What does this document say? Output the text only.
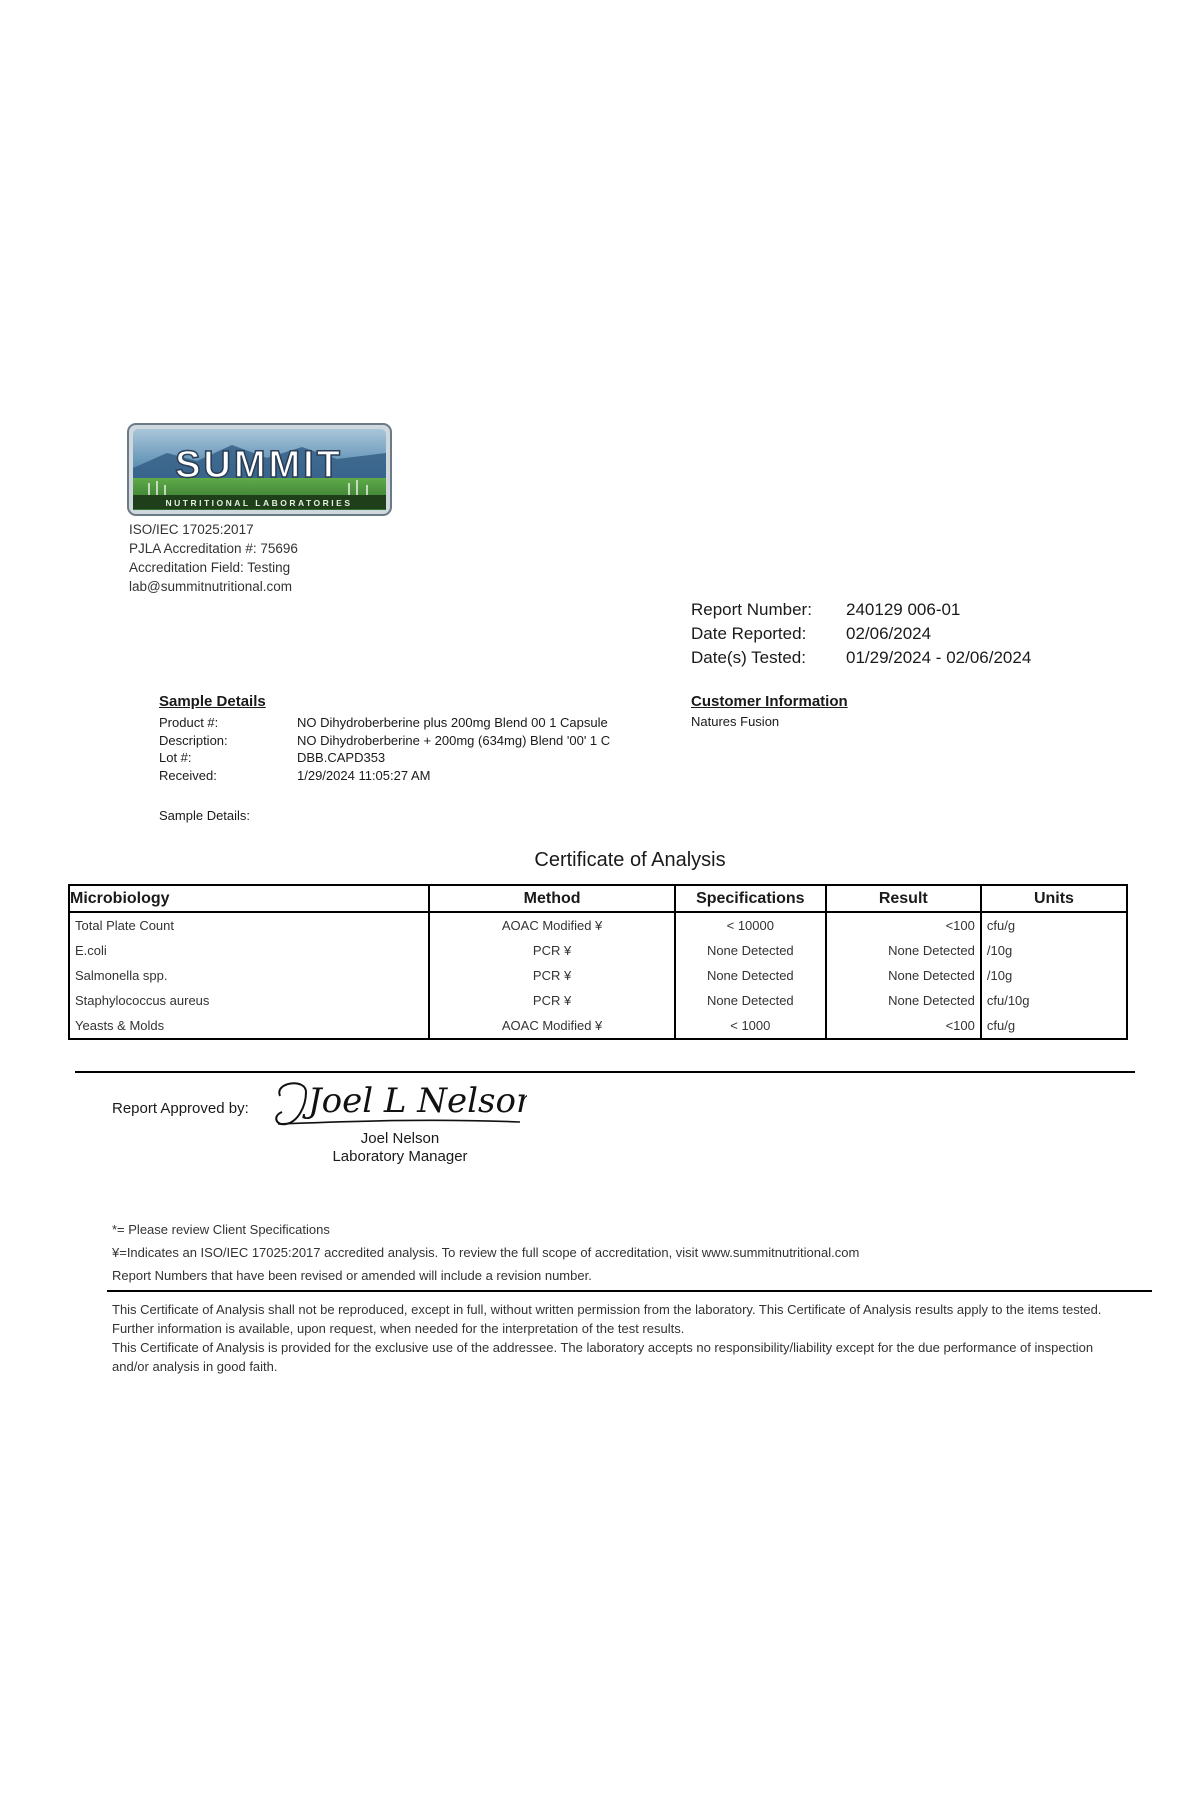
SUMMIT
NUTRITIONAL LABORATORIES
ISO/IEC 17025:2017
PJLA Accreditation #: 75696
Accreditation Field: Testing
lab@summitnutritional.com
Report Number:	240129 006-01
Date Reported:	02/06/2024
Date(s) Tested:	01/29/2024 - 02/06/2024
Sample Details
Product #:	NO Dihydroberberine plus 200mg Blend 00 1 Capsule
Description:	NO Dihydroberberine + 200mg (634mg) Blend '00' 1 C
Lot #:	DBB.CAPD353
Received:	1/29/2024 11:05:27 AM
Customer Information
Natures Fusion
Sample Details:
Certificate of Analysis
Microbiology	Method	Specifications	Result	Units
Total Plate Count	AOAC Modified ¥	< 10000	<100	cfu/g
E.coli	PCR ¥	None Detected	None Detected	/10g
Salmonella spp.	PCR ¥	None Detected	None Detected	/10g
Staphylococcus aureus	PCR ¥	None Detected	None Detected	cfu/10g
Yeasts & Molds	AOAC Modified ¥	< 1000	<100	cfu/g
Report Approved by: Joel L Nelson
Joel Nelson
Laboratory Manager
*= Please review Client Specifications
¥=Indicates an ISO/IEC 17025:2017 accredited analysis. To review the full scope of accreditation, visit www.summitnutritional.com
Report Numbers that have been revised or amended will include a revision number.
This Certificate of Analysis shall not be reproduced, except in full, without written permission from the laboratory. This Certificate of Analysis results apply to the items tested. Further information is available, upon request, when needed for the interpretation of the test results.
This Certificate of Analysis is provided for the exclusive use of the addressee. The laboratory accepts no responsibility/liability except for the due performance of inspection and/or analysis in good faith.
